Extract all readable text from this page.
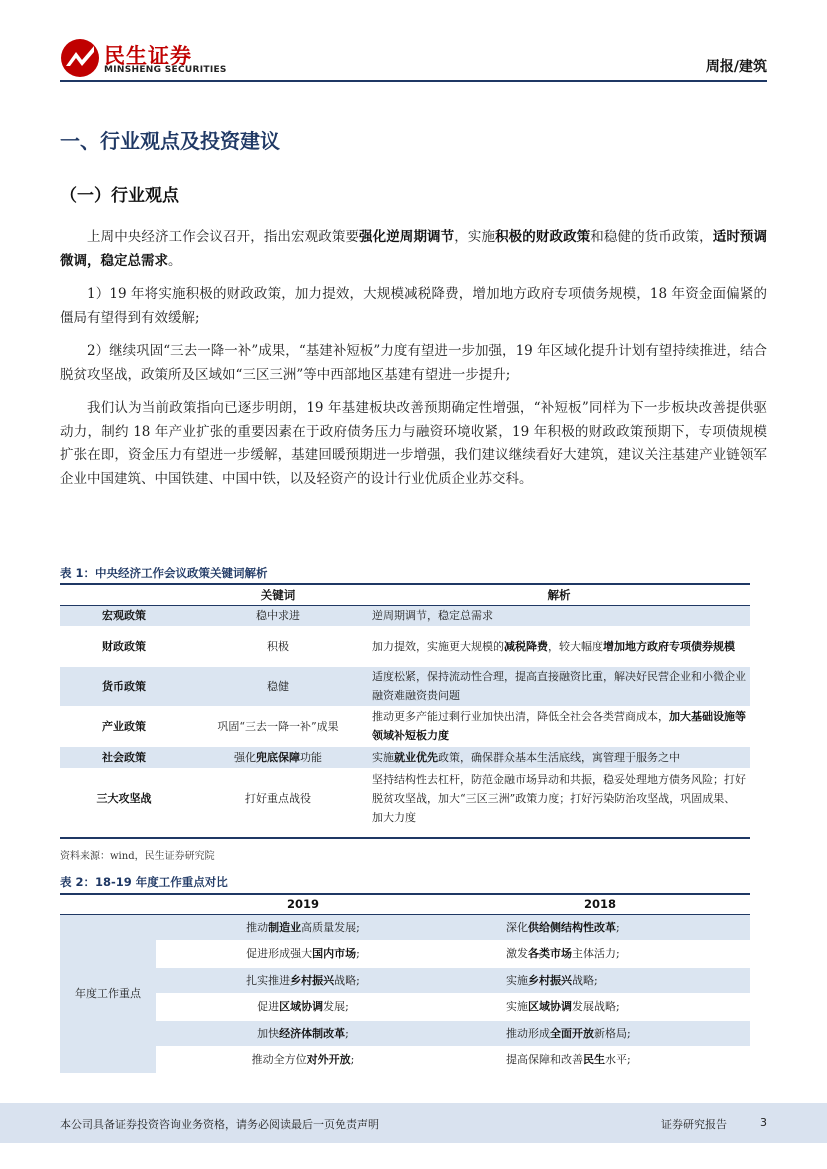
民生证券
MINSHENG SECURITIES	周报/建筑
一、行业观点及投资建议
（一）行业观点

上周中央经济工作会议召开，指出宏观政策要强化逆周期调节，实施积极的财政政策和稳健的货币政策，适时预调微调，稳定总需求。

1）19 年将实施积极的财政政策，加力提效，大规模减税降费，增加地方政府专项债务规模，18 年资金面偏紧的僵局有望得到有效缓解;

2）继续巩固“三去一降一补”成果，“基建补短板”力度有望进一步加强，19 年区域化提升计划有望持续推进，结合脱贫攻坚战，政策所及区域如“三区三洲”等中西部地区基建有望进一步提升;

我们认为当前政策指向已逐步明朗，19 年基建板块改善预期确定性增强，“补短板”同样为下一步板块改善提供驱动力，制约 18 年产业扩张的重要因素在于政府债务压力与融资环境收紧，19 年积极的财政政策预期下，专项债规模扩张在即，资金压力有望进一步缓解，基建回暖预期进一步增强，我们建议继续看好大建筑，建议关注基建产业链领军企业中国建筑、中国铁建、中国中铁，以及轻资产的设计行业优质企业苏交科。

表 1：中央经济工作会议政策关键词解析
	关键词	解析
宏观政策	稳中求进	逆周期调节，稳定总需求
财政政策	积极	加力提效，实施更大规模的减税降费，较大幅度增加地方政府专项债券规模
货币政策	稳健	适度松紧，保持流动性合理，提高直接融资比重，解决好民营企业和小微企业融资难融资贵问题
产业政策	巩固“三去一降一补”成果	推动更多产能过剩行业加快出清，降低全社会各类营商成本，加大基础设施等领域补短板力度
社会政策	强化兜底保障功能	实施就业优先政策，确保群众基本生活底线，寓管理于服务之中
三大攻坚战	打好重点战役	坚持结构性去杠杆，防范金融市场异动和共振，稳妥处理地方债务风险；打好脱贫攻坚战，加大“三区三洲”政策力度；打好污染防治攻坚战，巩固成果、加大力度
资料来源：wind，民生证券研究院
表 2：18-19 年度工作重点对比
	2019	2018
年度工作重点	推动制造业高质量发展;	深化供给侧结构性改革;
	促进形成强大国内市场;	激发各类市场主体活力;
	扎实推进乡村振兴战略;	实施乡村振兴战略;
	促进区域协调发展;	实施区域协调发展战略;
	加快经济体制改革;	推动形成全面开放新格局;
	推动全方位对外开放;	提高保障和改善民生水平;
本公司具备证券投资咨询业务资格，请务必阅读最后一页免责声明	证券研究报告	3
